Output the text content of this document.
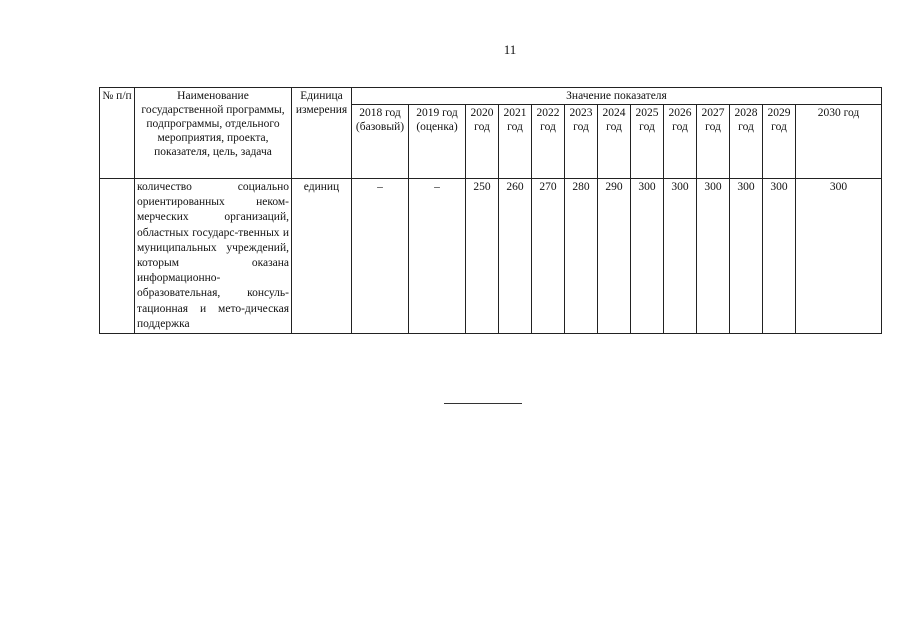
11
№ п/п	Наименование государственной программы, подпрограммы, отдельного мероприятия, проекта, показателя, цель, задача	Единица измерения	Значение показателя												
			2018 год (базовый)	2019 год (оценка)	2020 год	2021 год	2022 год	2023 год	2024 год	2025 год	2026 год	2027 год	2028 год	2029 год	2030 год
	количество социально ориентированных неком-мерческих организаций, областных государс-твенных и муниципальных учреждений, которым оказана информационно-образовательная, консуль-тационная и мето-дическая поддержка	единиц	–	–	250	260	270	280	290	300	300	300	300	300	300
